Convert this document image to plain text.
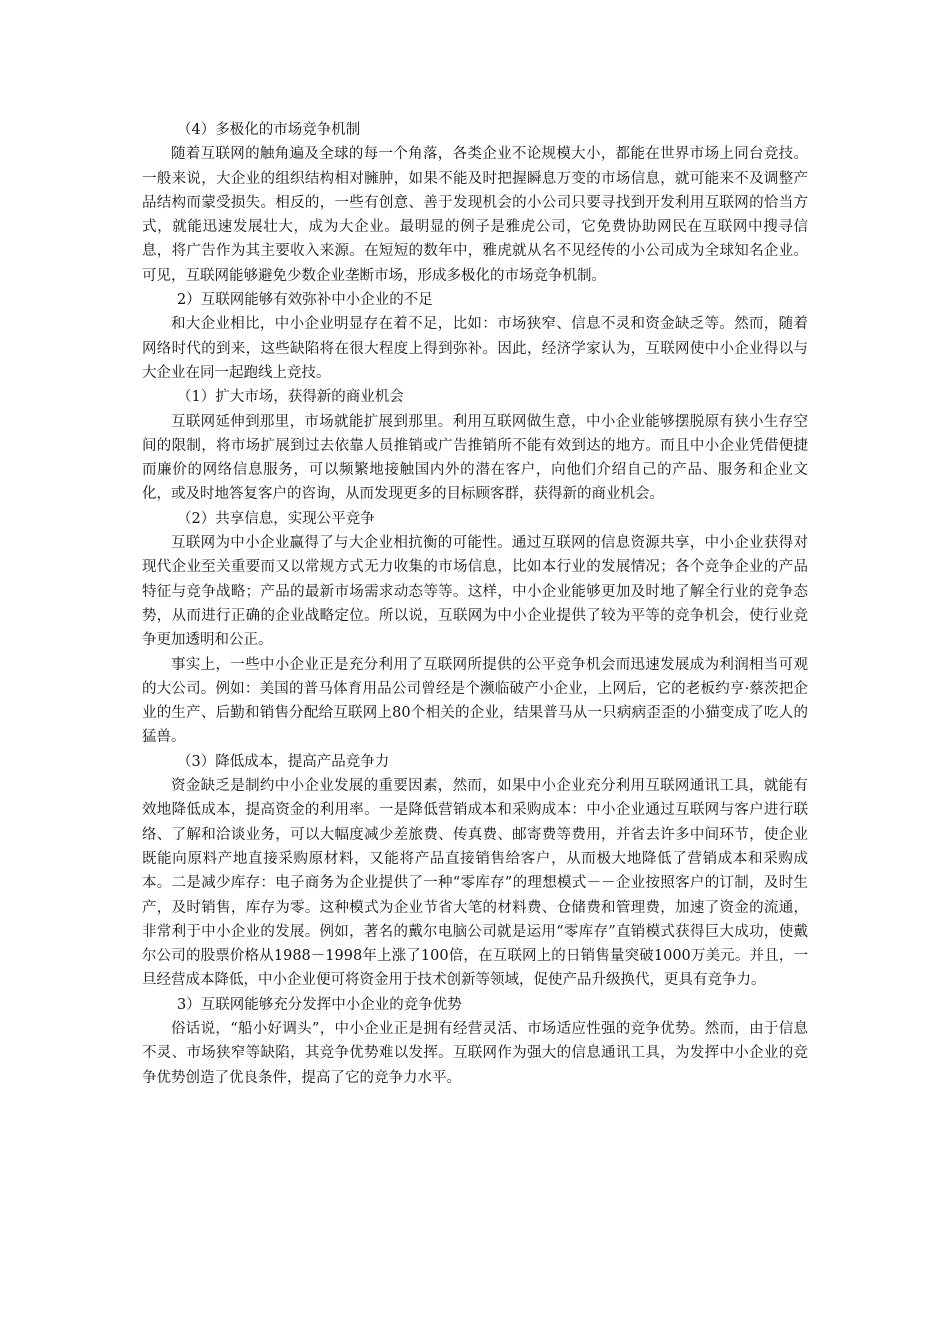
（4）多极化的市场竞争机制

随着互联网的触角遍及全球的每一个角落，各类企业不论规模大小，都能在世界市场上同台竞技。一般来说，大企业的组织结构相对臃肿，如果不能及时把握瞬息万变的市场信息，就可能来不及调整产品结构而蒙受损失。相反的，一些有创意、善于发现机会的小公司只要寻找到开发利用互联网的恰当方式，就能迅速发展壮大，成为大企业。最明显的例子是雅虎公司，它免费协助网民在互联网中搜寻信息，将广告作为其主要收入来源。在短短的数年中，雅虎就从名不见经传的小公司成为全球知名企业。可见，互联网能够避免少数企业垄断市场，形成多极化的市场竞争机制。

2）互联网能够有效弥补中小企业的不足

和大企业相比，中小企业明显存在着不足，比如：市场狭窄、信息不灵和资金缺乏等。然而，随着网络时代的到来，这些缺陷将在很大程度上得到弥补。因此，经济学家认为，互联网使中小企业得以与大企业在同一起跑线上竞技。

（1）扩大市场，获得新的商业机会

互联网延伸到那里，市场就能扩展到那里。利用互联网做生意，中小企业能够摆脱原有狭小生存空间的限制，将市场扩展到过去依靠人员推销或广告推销所不能有效到达的地方。而且中小企业凭借便捷而廉价的网络信息服务，可以频繁地接触国内外的潜在客户，向他们介绍自己的产品、服务和企业文化，或及时地答复客户的咨询，从而发现更多的目标顾客群，获得新的商业机会。

（2）共享信息，实现公平竞争

互联网为中小企业赢得了与大企业相抗衡的可能性。通过互联网的信息资源共享，中小企业获得对现代企业至关重要而又以常规方式无力收集的市场信息，比如本行业的发展情况；各个竞争企业的产品特征与竞争战略；产品的最新市场需求动态等等。这样，中小企业能够更加及时地了解全行业的竞争态势，从而进行正确的企业战略定位。所以说，互联网为中小企业提供了较为平等的竞争机会，使行业竞争更加透明和公正。

事实上，一些中小企业正是充分利用了互联网所提供的公平竞争机会而迅速发展成为利润相当可观的大公司。例如：美国的普马体育用品公司曾经是个濒临破产小企业，上网后，它的老板约亨·蔡茨把企业的生产、后勤和销售分配给互联网上80个相关的企业，结果普马从一只病病歪歪的小猫变成了吃人的猛兽。

（3）降低成本，提高产品竞争力

资金缺乏是制约中小企业发展的重要因素，然而，如果中小企业充分利用互联网通讯工具，就能有效地降低成本，提高资金的利用率。一是降低营销成本和采购成本：中小企业通过互联网与客户进行联络、了解和洽谈业务，可以大幅度减少差旅费、传真费、邮寄费等费用，并省去许多中间环节，使企业既能向原料产地直接采购原材料，又能将产品直接销售给客户，从而极大地降低了营销成本和采购成本。二是减少库存：电子商务为企业提供了一种“零库存”的理想模式－－企业按照客户的订制，及时生产，及时销售，库存为零。这种模式为企业节省大笔的材料费、仓储费和管理费，加速了资金的流通，非常利于中小企业的发展。例如，著名的戴尔电脑公司就是运用“零库存”直销模式获得巨大成功，使戴尔公司的股票价格从1988－1998年上涨了100倍，在互联网上的日销售量突破1000万美元。并且，一旦经营成本降低，中小企业便可将资金用于技术创新等领域，促使产品升级换代，更具有竞争力。

3）互联网能够充分发挥中小企业的竞争优势

俗话说，“船小好调头”，中小企业正是拥有经营灵活、市场适应性强的竞争优势。然而，由于信息不灵、市场狭窄等缺陷，其竞争优势难以发挥。互联网作为强大的信息通讯工具，为发挥中小企业的竞争优势创造了优良条件，提高了它的竞争力水平。
